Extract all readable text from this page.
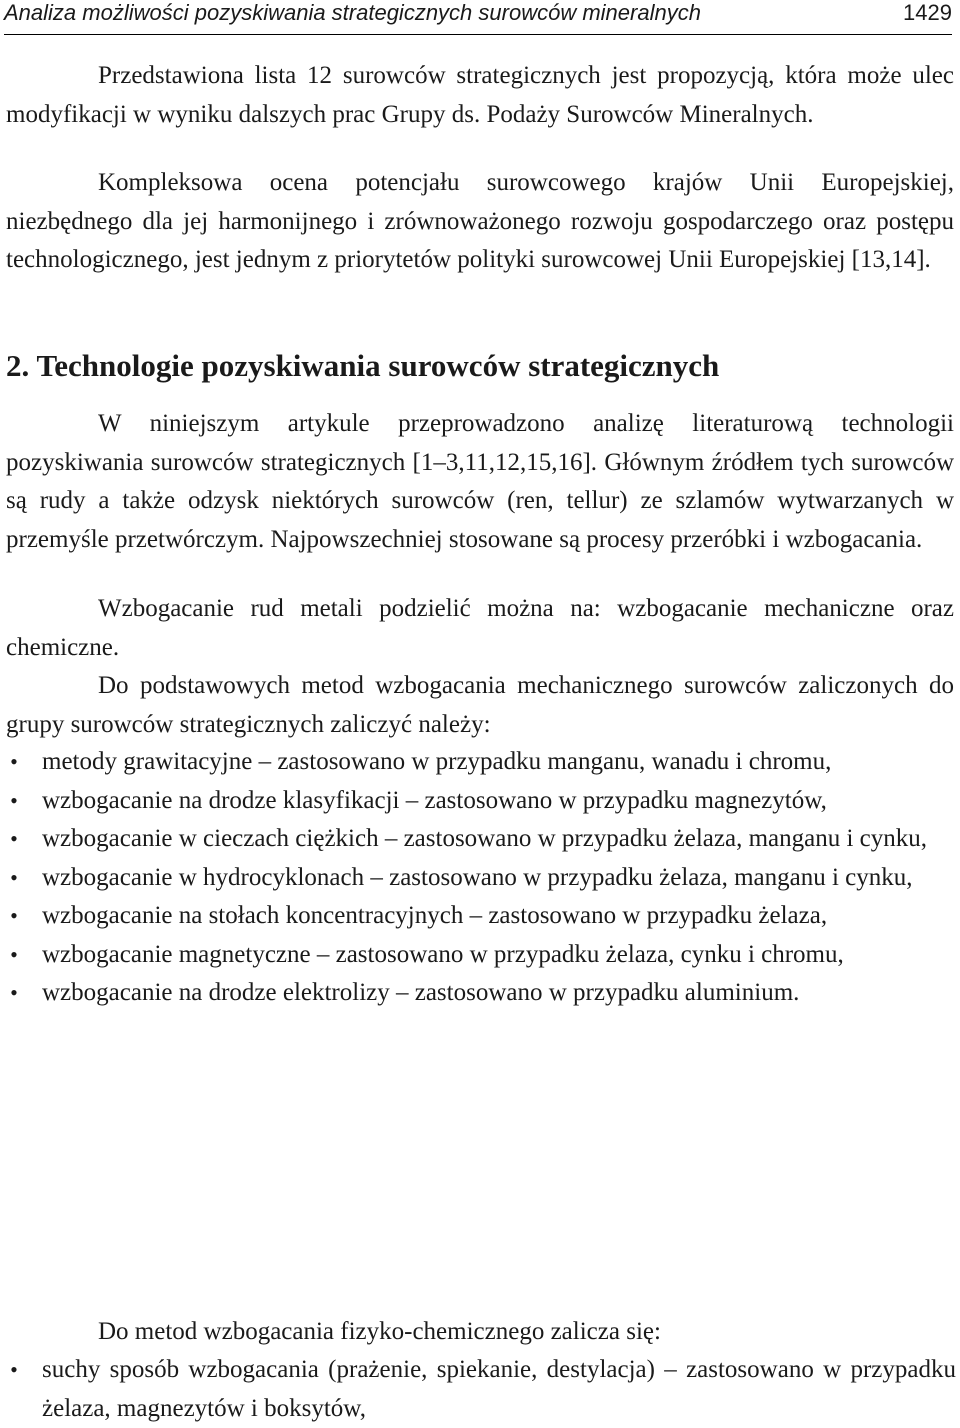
Analiza możliwości pozyskiwania strategicznych surowców mineralnych	1429

Przedstawiona lista 12 surowców strategicznych jest propozycją, która może ulec modyfikacji w wyniku dalszych prac Grupy ds. Podaży Surowców Mineralnych.

Kompleksowa ocena potencjału surowcowego krajów Unii Europejskiej, niezbędnego dla jej harmonijnego i zrównoważonego rozwoju gospodarczego oraz postępu technologicznego, jest jednym z priorytetów polityki surowcowej Unii Europejskiej [13,14].

2. Technologie pozyskiwania surowców strategicznych

W niniejszym artykule przeprowadzono analizę literaturową technologii pozyskiwania surowców strategicznych [1–3,11,12,15,16]. Głównym źródłem tych surowców są rudy a także odzysk niektórych surowców (ren, tellur) ze szlamów wytwarzanych w przemyśle przetwórczym. Najpowszechniej stosowane są procesy przeróbki i wzbogacania.

Wzbogacanie rud metali podzielić można na: wzbogacanie mechaniczne oraz chemiczne.

Do podstawowych metod wzbogacania mechanicznego surowców zaliczonych do grupy surowców strategicznych zaliczyć należy:

• metody grawitacyjne – zastosowano w przypadku manganu, wanadu i chromu,
• wzbogacanie na drodze klasyfikacji – zastosowano w przypadku magnezytów,
• wzbogacanie w cieczach ciężkich – zastosowano w przypadku żelaza, manganu i cynku,
• wzbogacanie w hydrocyklonach – zastosowano w przypadku żelaza, manganu i cynku,
• wzbogacanie na stołach koncentracyjnych – zastosowano w przypadku żelaza,
• wzbogacanie magnetyczne – zastosowano w przypadku żelaza, cynku i chromu,
• wzbogacanie na drodze elektrolizy – zastosowano w przypadku aluminium.

Do metod wzbogacania fizyko-chemicznego zalicza się:

• suchy sposób wzbogacania (prażenie, spiekanie, destylacja) – zastosowano w przypadku żelaza, magnezytów i boksytów,
